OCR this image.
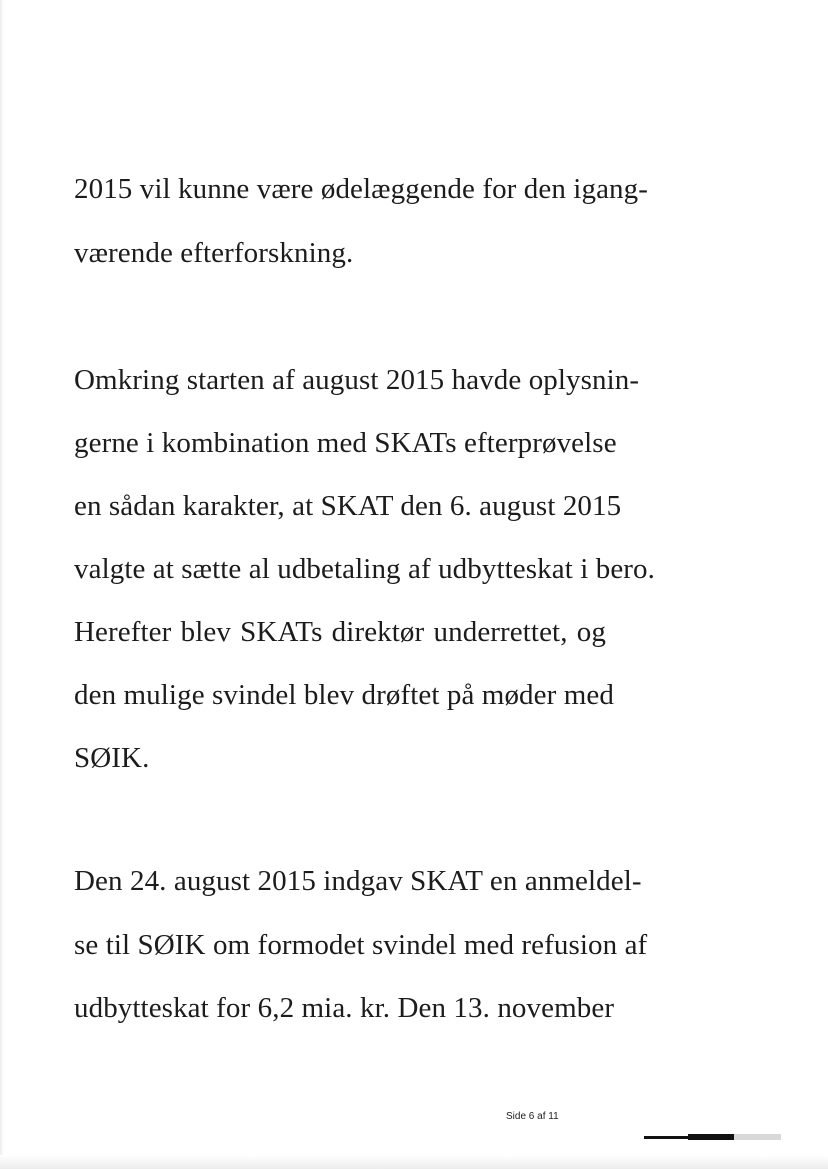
2015 vil kunne være ødelæggende for den igang-
værende efterforskning.
Omkring starten af august 2015 havde oplysnin-
gerne i kombination med SKATs efterprøvelse
en sådan karakter, at SKAT den 6. august 2015
valgte at sætte al udbetaling af udbytteskat i bero.
Herefter blev SKATs direktør underrettet, og
den mulige svindel blev drøftet på møder med
SØIK.
Den 24. august 2015 indgav SKAT en anmeldel-
se til SØIK om formodet svindel med refusion af
udbytteskat for 6,2 mia. kr. Den 13. november
Side 6 af 11
